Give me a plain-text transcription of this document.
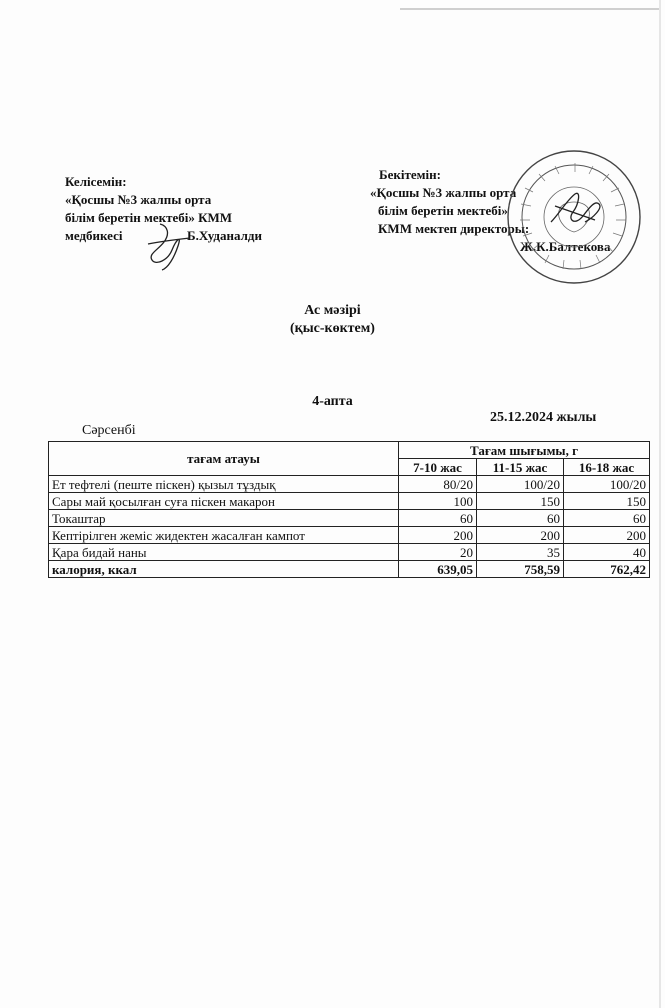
Келісемін:
«Қосшы №3 жалпы орта
білім беретін мектебі» КММ
медбикесі	Б.Худаналди
Бекітемін:
«Қосшы №3 жалпы орта
білім беретін мектебі»
КММ мектеп директоры:
Ж.К.Балтекова
Ас мәзірі
(қыс-көктем)
4-апта
Сәрсенбі
25.12.2024 жылы
тағам атауы	Тағам шығымы, г		
	7-10 жас	11-15 жас	16-18 жас
Ет тефтелі (пеште піскен) қызыл тұздық	80/20	100/20	100/20
Сары май қосылған суға піскен макарон	100	150	150
Токаштар	60	60	60
Кептірілген жеміс жидектен жасалған кампот	200	200	200
Қара бидай наны	20	35	40
калория, ккал	639,05	758,59	762,42
